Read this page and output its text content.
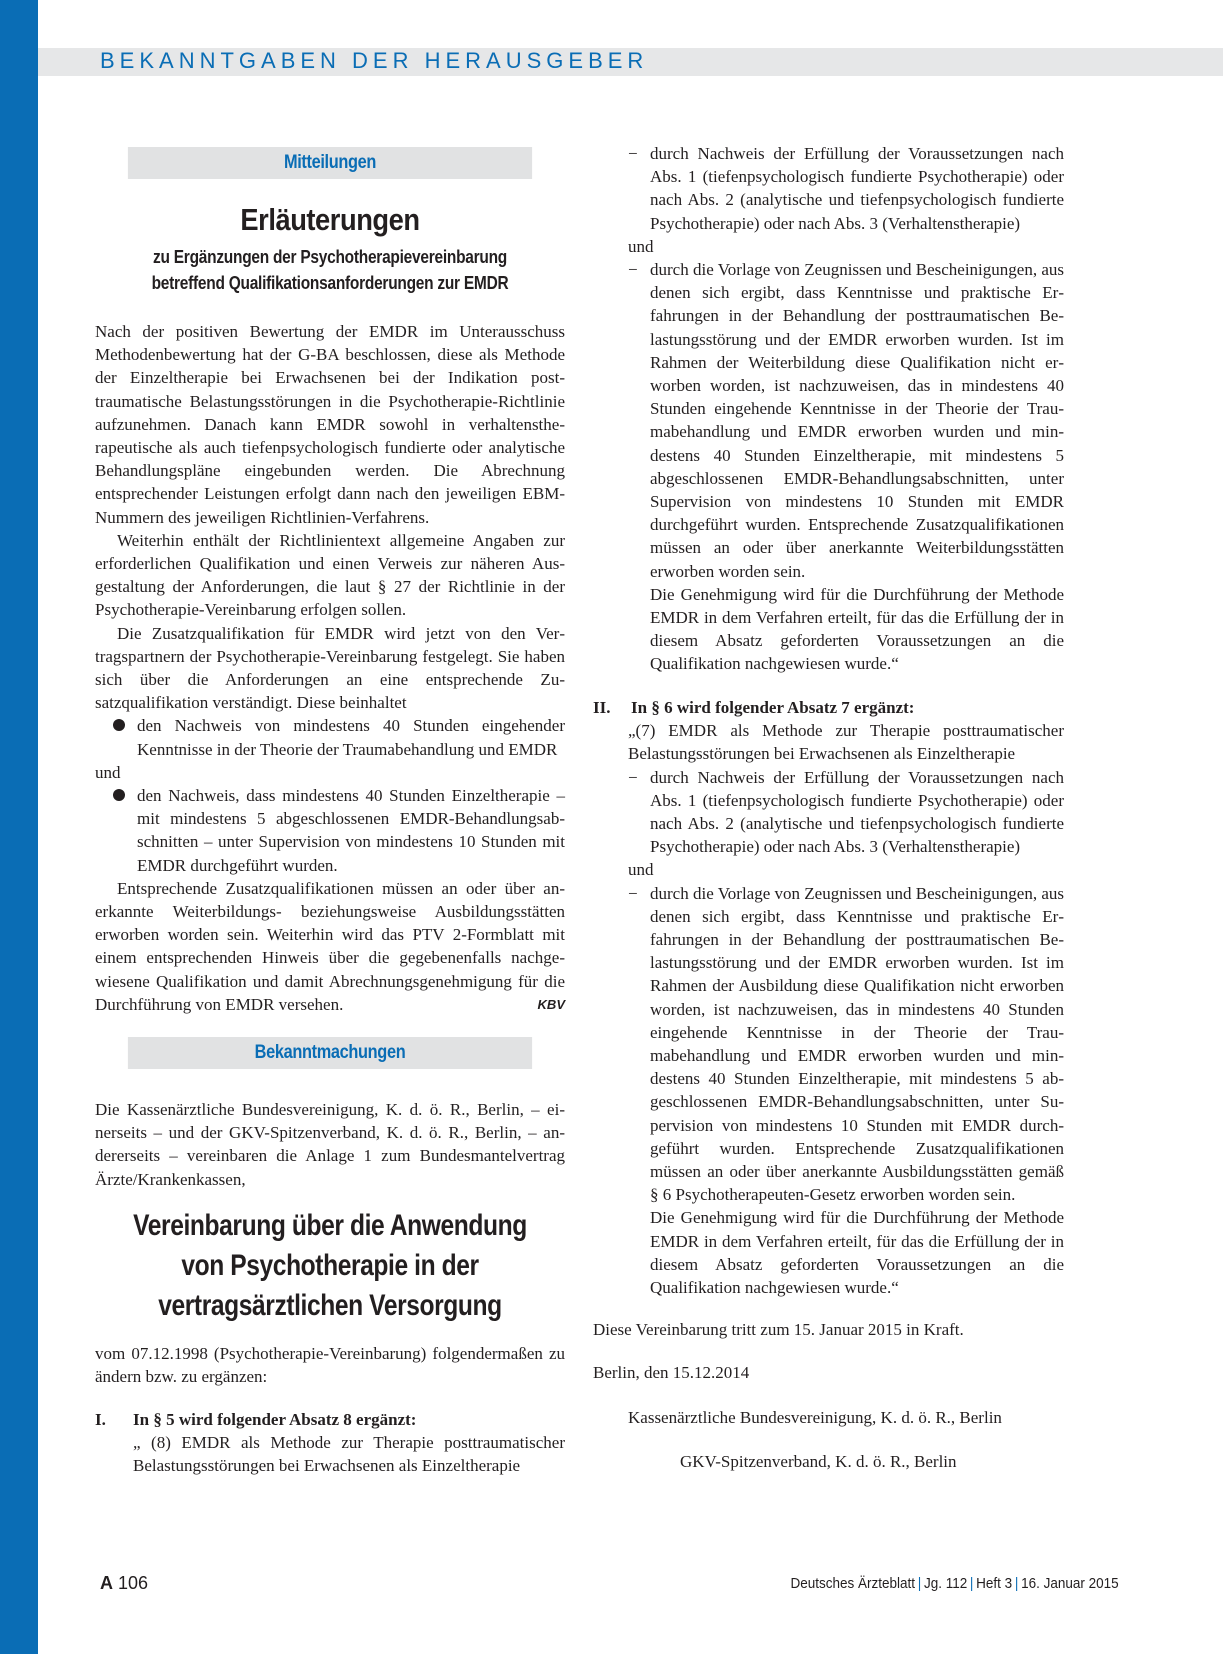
BEKANNTGABEN DER HERAUSGEBER
Mitteilungen
Erläuterungen
zu Ergänzungen der Psychotherapievereinbarung
betreffend Qualifikationsanforderungen zur EMDR

Nach der positiven Bewertung der EMDR im Unterausschuss Methodenbewertung hat der G-BA beschlossen, diese als Methode der Einzeltherapie bei Erwachsenen bei der Indikation posttraumatische Belastungsstörungen in die Psychotherapie-Richtlinie aufzunehmen. Danach kann EMDR sowohl in verhaltenstherapeutische als auch tiefenpsychologisch fundierte oder analytische Behandlungspläne eingebunden werden. Die Abrechnung entsprechender Leistungen erfolgt dann nach den jeweiligen EBM-Nummern des jeweiligen Richtlinien-Verfahrens.

Weiterhin enthält der Richtlinientext allgemeine Angaben zur erforderlichen Qualifikation und einen Verweis zur näheren Ausgestaltung der Anforderungen, die laut § 27 der Richtlinie in der Psychotherapie-Vereinbarung erfolgen sollen.

Die Zusatzqualifikation für EMDR wird jetzt von den Vertragspartnern der Psychotherapie-Vereinbarung festgelegt. Sie haben sich über die Anforderungen an eine entsprechende Zusatzqualifikation verständigt. Diese beinhaltet

den Nachweis von mindestens 40 Stunden eingehender Kenntnisse in der Theorie der Traumabehandlung und EMDR

und

den Nachweis, dass mindestens 40 Stunden Einzeltherapie – mit mindestens 5 abgeschlossenen EMDR-Behandlungsabschnitten – unter Supervision von mindestens 10 Stunden mit EMDR durchgeführt wurden.

Entsprechende Zusatzqualifikationen müssen an oder über anerkannte Weiterbildungs- beziehungsweise Ausbildungsstätten erworben worden sein. Weiterhin wird das PTV 2-Formblatt mit einem entsprechenden Hinweis über die gegebenenfalls nachgewiesene Qualifikation und damit Abrechnungsgenehmigung für die Durchführung von EMDR versehen.	KBV

Bekanntmachungen

Die Kassenärztliche Bundesvereinigung, K. d. ö. R., Berlin, – einerseits – und der GKV-Spitzenverband, K. d. ö. R., Berlin, – andererseits – vereinbaren die Anlage 1 zum Bundesmantelvertrag Ärzte/Krankenkassen,

Vereinbarung über die Anwendung
von Psychotherapie in der
vertragsärztlichen Versorgung

vom 07.12.1998 (Psychotherapie-Vereinbarung) folgendermaßen zu ändern bzw. zu ergänzen:

I.	In § 5 wird folgender Absatz 8 ergänzt:

„ (8) EMDR als Methode zur Therapie posttraumatischer Belastungsstörungen bei Erwachsenen als Einzeltherapie

− durch Nachweis der Erfüllung der Voraussetzungen nach Abs. 1 (tiefenpsychologisch fundierte Psychotherapie) oder nach Abs. 2 (analytische und tiefenpsychologisch fundierte Psychotherapie) oder nach Abs. 3 (Verhaltenstherapie)

und

− durch die Vorlage von Zeugnissen und Bescheinigungen, aus denen sich ergibt, dass Kenntnisse und praktische Erfahrungen in der Behandlung der posttraumatischen Belastungsstörung und der EMDR erworben wurden. Ist im Rahmen der Weiterbildung diese Qualifikation nicht erworben worden, ist nachzuweisen, das in mindestens 40 Stunden eingehende Kenntnisse in der Theorie der Traumabehandlung und EMDR erworben wurden und mindestens 40 Stunden Einzeltherapie, mit mindestens 5 abgeschlossenen EMDR-Behandlungsabschnitten, unter Supervision von mindestens 10 Stunden mit EMDR durchgeführt wurden. Entsprechende Zusatzqualifikationen müssen an oder über anerkannte Weiterbildungsstätten erworben worden sein.

Die Genehmigung wird für die Durchführung der Methode EMDR in dem Verfahren erteilt, für das die Erfüllung der in diesem Absatz geforderten Voraussetzungen an die Qualifikation nachgewiesen wurde.“

II.	In § 6 wird folgender Absatz 7 ergänzt:

„(7) EMDR als Methode zur Therapie posttraumatischer Belastungsstörungen bei Erwachsenen als Einzeltherapie

− durch Nachweis der Erfüllung der Voraussetzungen nach Abs. 1 (tiefenpsychologisch fundierte Psychotherapie) oder nach Abs. 2 (analytische und tiefenpsychologisch fundierte Psychotherapie) oder nach Abs. 3 (Verhaltenstherapie)

und

− durch die Vorlage von Zeugnissen und Bescheinigungen, aus denen sich ergibt, dass Kenntnisse und praktische Erfahrungen in der Behandlung der posttraumatischen Belastungsstörung und der EMDR erworben wurden. Ist im Rahmen der Ausbildung diese Qualifikation nicht erworben worden, ist nachzuweisen, das in mindestens 40 Stunden eingehende Kenntnisse in der Theorie der Traumabehandlung und EMDR erworben wurden und mindestens 40 Stunden Einzeltherapie, mit mindestens 5 abgeschlossenen EMDR-Behandlungsabschnitten, unter Supervision von mindestens 10 Stunden mit EMDR durchgeführt wurden. Entsprechende Zusatzqualifikationen müssen an oder über anerkannte Ausbildungsstätten gemäß § 6 Psychotherapeuten-Gesetz erworben worden sein.

Die Genehmigung wird für die Durchführung der Methode EMDR in dem Verfahren erteilt, für das die Erfüllung der in diesem Absatz geforderten Voraussetzungen an die Qualifikation nachgewiesen wurde.“

Diese Vereinbarung tritt zum 15. Januar 2015 in Kraft.
Berlin, den 15.12.2014
Kassenärztliche Bundesvereinigung, K. d. ö. R., Berlin
GKV-Spitzenverband, K. d. ö. R., Berlin
A 106	Deutsches Ärzteblatt | Jg. 112 | Heft 3 | 16. Januar 2015
